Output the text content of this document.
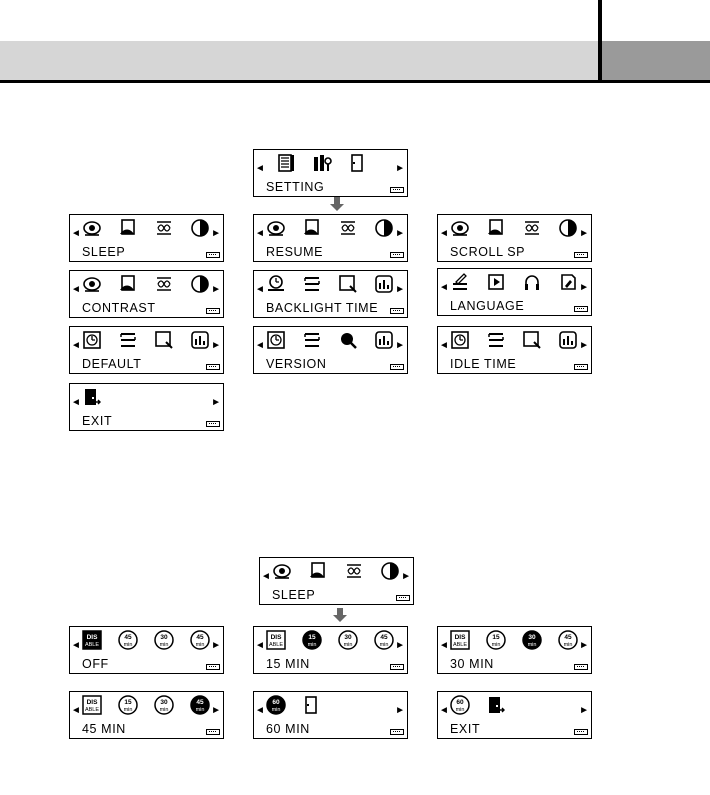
◄	►
SETTING
◄	►
SLEEP
◄	►
RESUME
◄	►
SCROLL SP
◄	►
CONTRAST
◄	►
BACKLIGHT TIME
◄	►
LANGUAGE
◄	►
DEFAULT
◄	►
VERSION
◄	►
IDLE TIME
◄	►
EXIT
◄	►
SLEEP
◄
DIS
ABLE
45
min
30
min
45
min ►
OFF
◄
DIS
ABLE
15
min
30
min
45
min ►
15 MIN
◄
DIS
ABLE
15
min
30
min
45
min ►
30 MIN
◄
DIS
ABLE
15
min
30
min
45
min ►
45 MIN
◄
60
min	►
60 MIN
◄
60
min	►
EXIT
